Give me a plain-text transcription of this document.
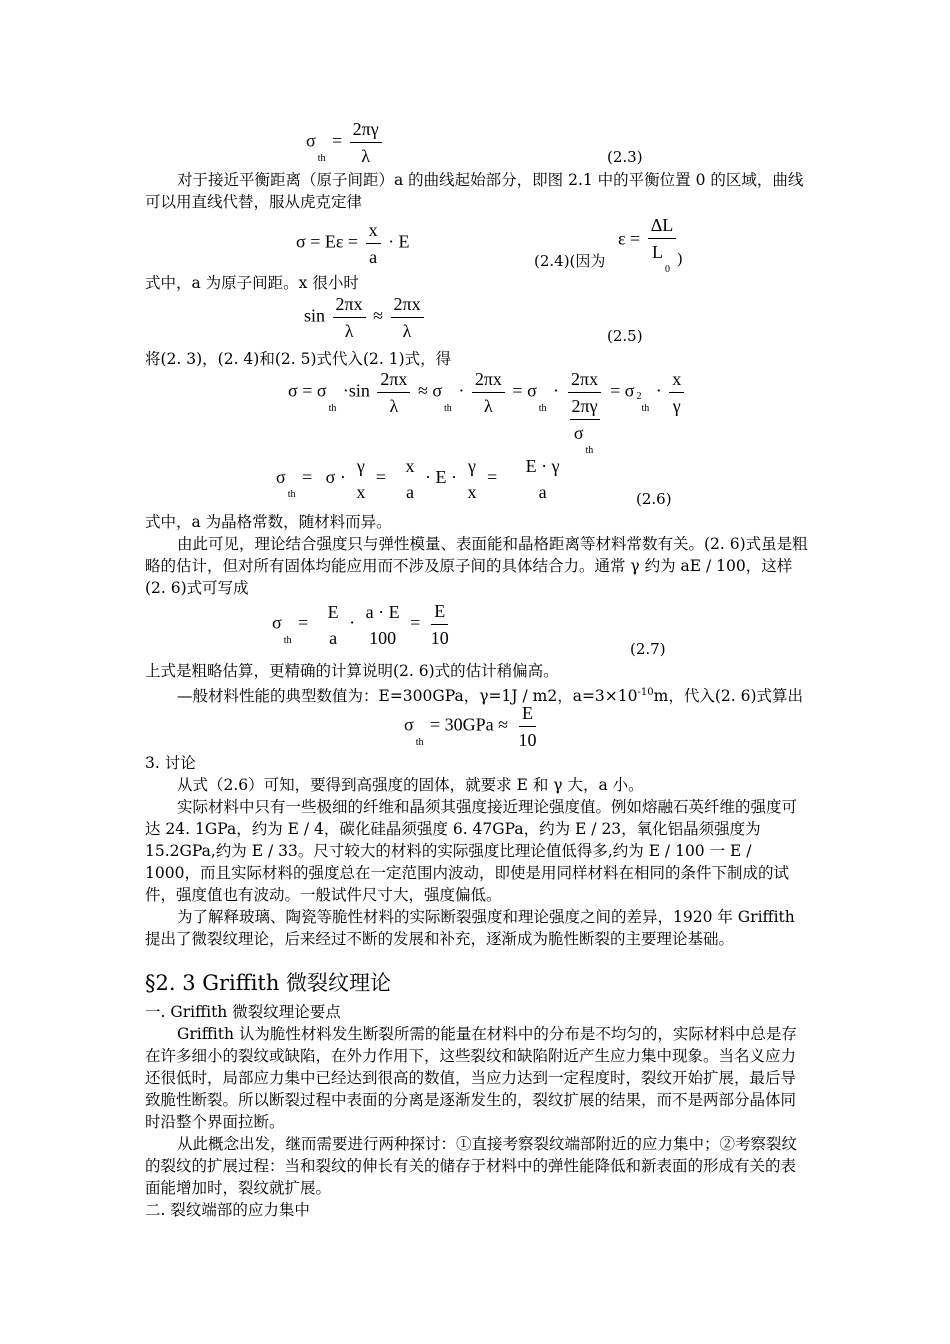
$\sigma_{th} = \frac{2\pi\gamma}{\lambda}$	(2.3)
对于接近平衡距离（原子间距）a 的曲线起始部分，即图 2.1 中的平衡位置 0 的区域，曲线可以用直线代替，服从虎克定律
$\sigma = E\varepsilon = \frac{x}{a} \cdot E$
(2.4)(因为
$\varepsilon = \frac{\Delta L}{L_0}$ )
式中，a 为原子间距。x 很小时
$\sin \frac{2\pi x}{\lambda} \approx \frac{2\pi x}{\lambda}$	(2.5)
将(2. 3)，(2. 4)和(2. 5)式代入(2. 1)式，得
$\sigma = \sigma_{th} \cdot\sin \frac{2\pi x}{\lambda} \approx \sigma_{th} \cdot \frac{2\pi x}{\lambda} = \sigma_{th} \cdot 2\pi x$
2πγ
$\sigma_{th} = \sigma$ $_{2th} \cdot \frac{x}{\gamma}$
$\sigma_{th} = \sigma$ ·
γ
x
=
x
a
· E ·
γ
x
=
E · γ
a	(2.6)
式中，a 为晶格常数，随材料而异。
由此可见，理论结合强度只与弹性模量、表面能和晶格距离等材料常数有关。(2. 6)式虽是粗略的估计，但对所有固体均能应用而不涉及原子间的具体结合力。通常 γ 约为 aE / 100，这样(2. 6)式可写成
$\sigma_{th}$ =
E
a
·
a · E
100
= $\frac{E}{10}$	(2.7)
上式是粗略估算，更精确的计算说明(2. 6)式的估计稍偏高。
—般材料性能的典型数值为：E=300GPa，γ=1J / m2，$a=3\times 10^{-10}m$，代入(2. 6)式算出
$\sigma_{th} = 30GPa \approx \frac{E}{10}$
3. 讨论
从式（2.6）可知，要得到高强度的固体，就要求 E 和 γ 大，a 小。
实际材料中只有一些极细的纤维和晶须其强度接近理论强度值。例如熔融石英纤维的强度可达 24. 1GPa，约为 E / 4，碳化硅晶须强度 6. 47GPa，约为 E / 23，氧化铝晶须强度为 15.2GPa,约为 E / 33。尺寸较大的材料的实际强度比理论值低得多,约为 E / 100 一 E / 1000，而且实际材料的强度总在一定范围内波动，即使是用同样材料在相同的条件下制成的试件，强度值也有波动。一般试件尺寸大，强度偏低。
为了解释玻璃、陶瓷等脆性材料的实际断裂强度和理论强度之间的差异，1920 年 Griffith 提出了微裂纹理论，后来经过不断的发展和补充，逐渐成为脆性断裂的主要理论基础。
§2. 3 Griffith 微裂纹理论
一. Griffith 微裂纹理论要点
Griffith 认为脆性材料发生断裂所需的能量在材料中的分布是不均匀的，实际材料中总是存在许多细小的裂纹或缺陷，在外力作用下，这些裂纹和缺陷附近产生应力集中现象。当名义应力还很低时，局部应力集中已经达到很高的数值，当应力达到一定程度时，裂纹开始扩展，最后导致脆性断裂。所以断裂过程中表面的分离是逐渐发生的，裂纹扩展的结果，而不是两部分晶体同时沿整个界面拉断。
从此概念出发，继而需要进行两种探讨：①直接考察裂纹端部附近的应力集中；②考察裂纹的裂纹的扩展过程：当和裂纹的伸长有关的储存于材料中的弹性能降低和新表面的形成有关的表面能增加时，裂纹就扩展。
二. 裂纹端部的应力集中
